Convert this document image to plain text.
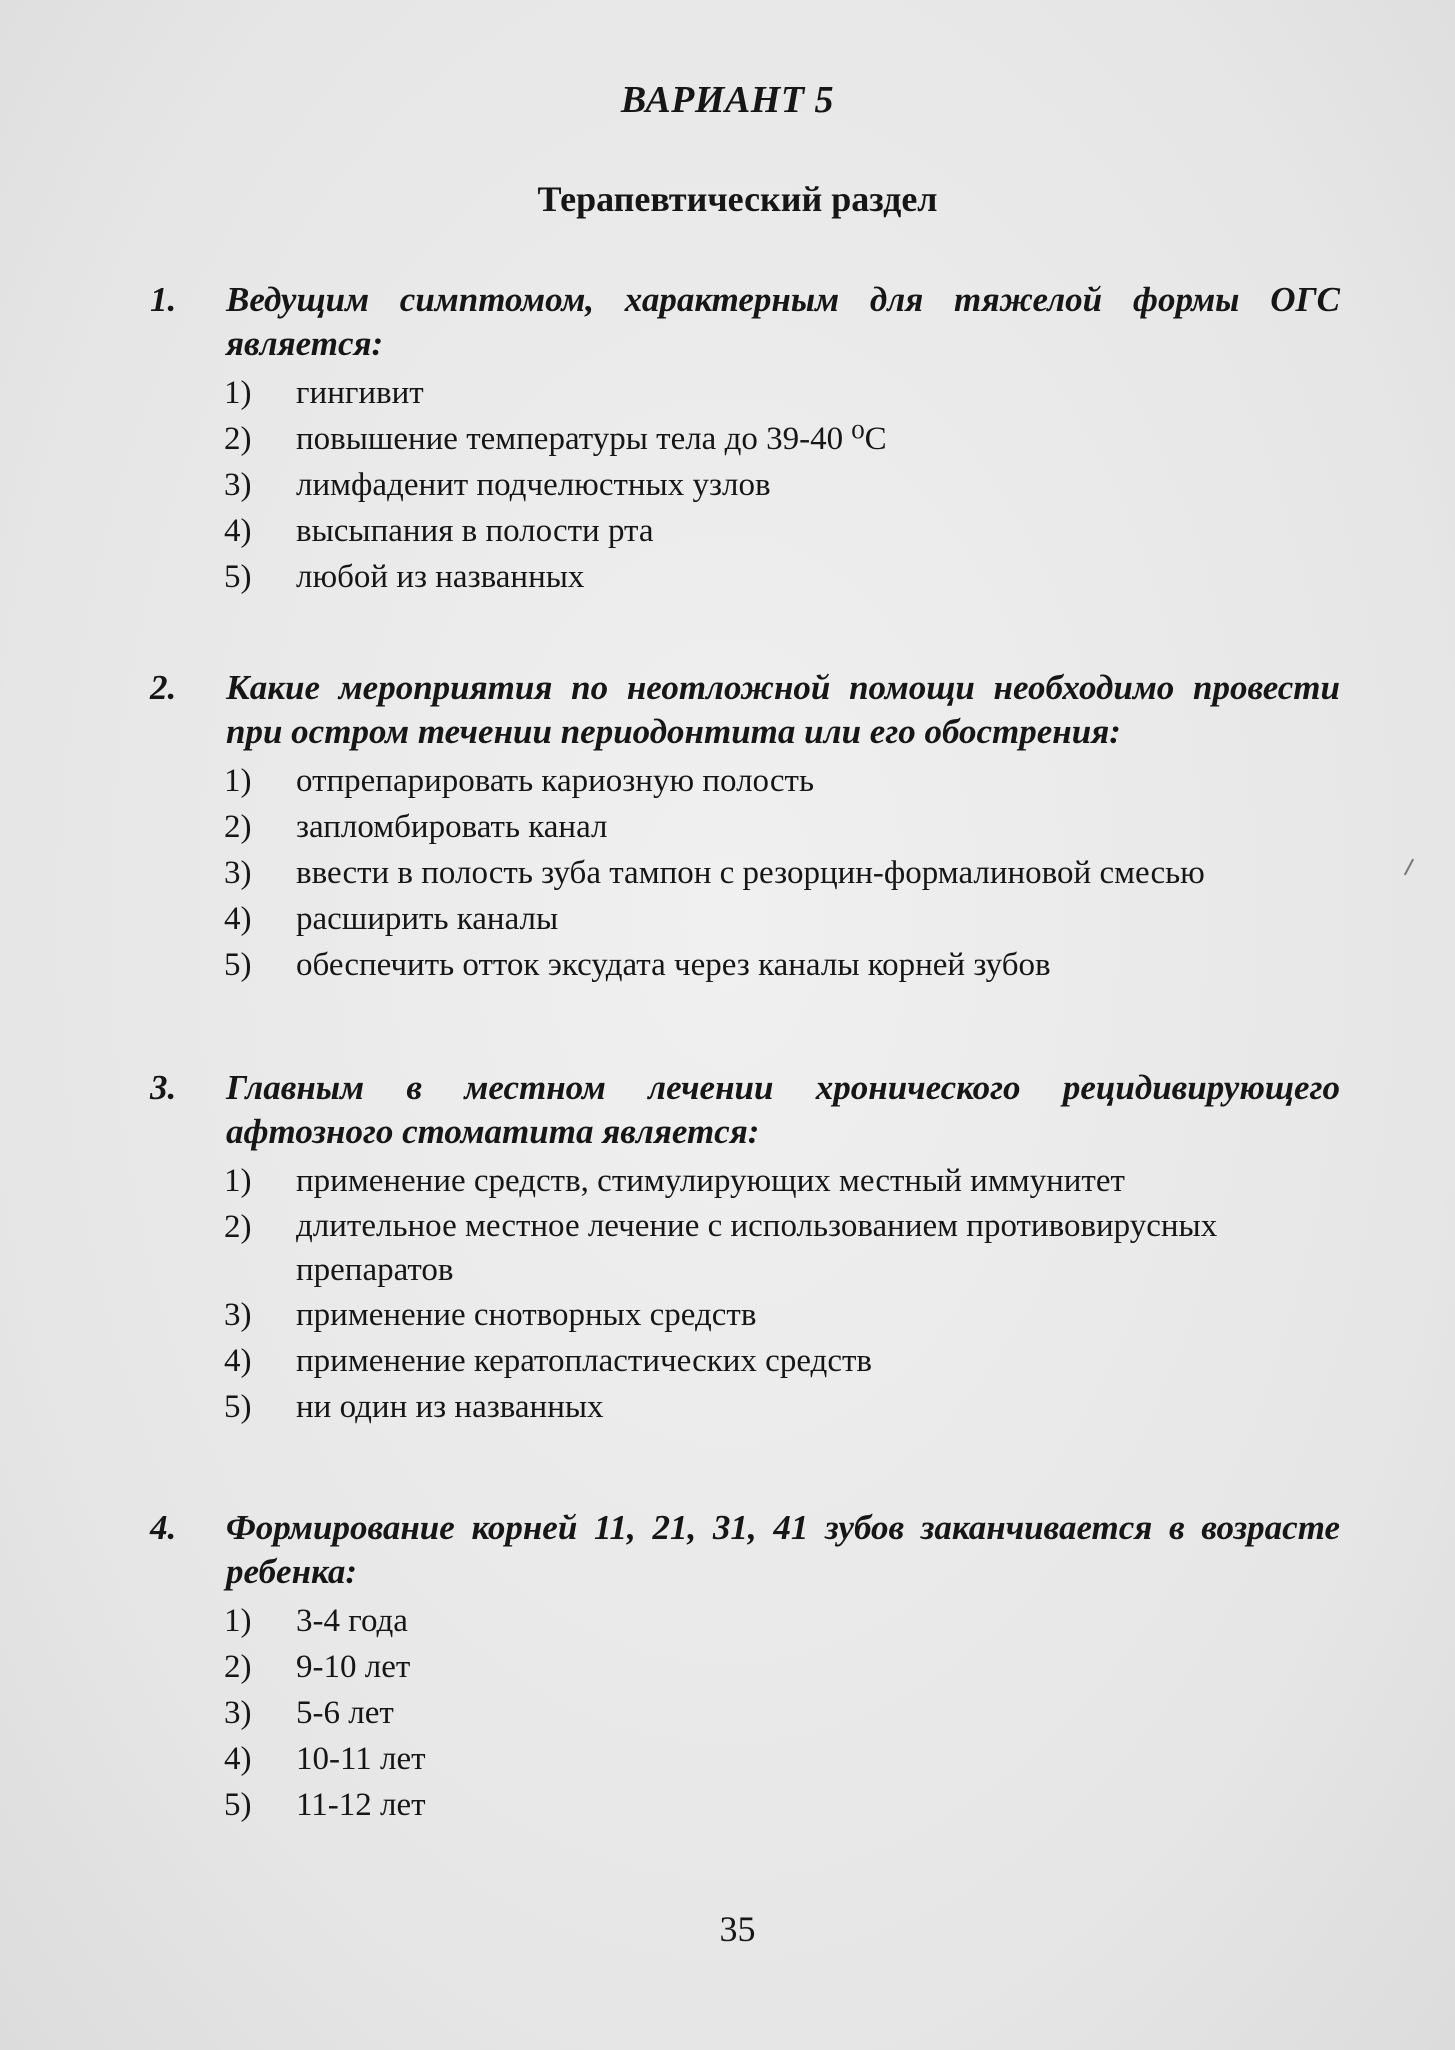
ВАРИАНТ 5
Терапевтический раздел
1. Ведущим симптомом, характерным для тяжелой формы ОГС является:
1) гингивит
2) повышение температуры тела до 39-40 ⁰С
3) лимфаденит подчелюстных узлов
4) высыпания в полости рта
5) любой из названных
2. Какие мероприятия по неотложной помощи необходимо провести при остром течении периодонтита или его обострения:
1) отпрепарировать кариозную полость
2) запломбировать канал
3) ввести в полость зуба тампон с резорцин-формалиновой смесью
4) расширить каналы
5) обеспечить отток эксудата через каналы корней зубов
3. Главным в местном лечении хронического рецидивирующего афтозного стоматита является:
1) применение средств, стимулирующих местный иммунитет
2) длительное местное лечение с использованием противовирусных препаратов
3) применение снотворных средств
4) применение кератопластических средств
5) ни один из названных
4. Формирование корней 11, 21, 31, 41 зубов заканчивается в возрасте ребенка:
1) 3-4 года
2) 9-10 лет
3) 5-6 лет
4) 10-11 лет
5) 11-12 лет
35
